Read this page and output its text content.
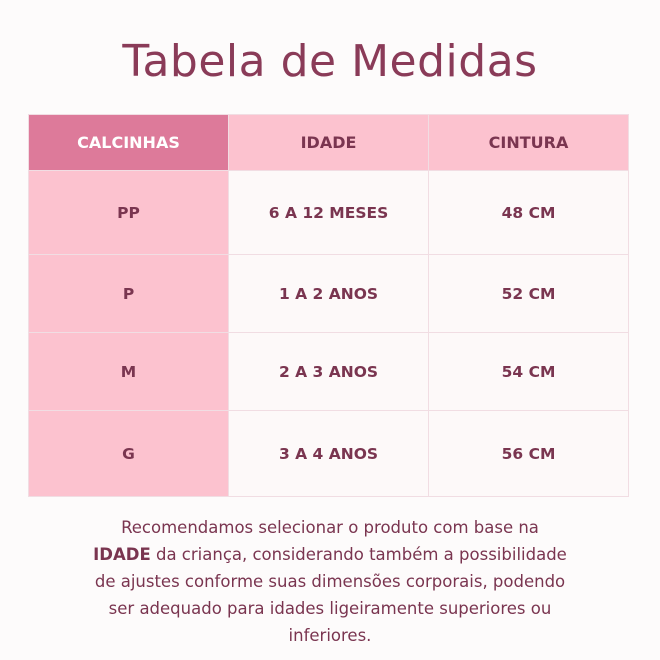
Tabela de Medidas
CALCINHAS	IDADE	CINTURA
PP	6 A 12 MESES	48 CM
P	1 A 2 ANOS	52 CM
M	2 A 3 ANOS	54 CM
G	3 A 4 ANOS	56 CM
Recomendamos selecionar o produto com base na
IDADE da criança, considerando também a possibilidade
de ajustes conforme suas dimensões corporais, podendo
ser adequado para idades ligeiramente superiores ou
inferiores.
